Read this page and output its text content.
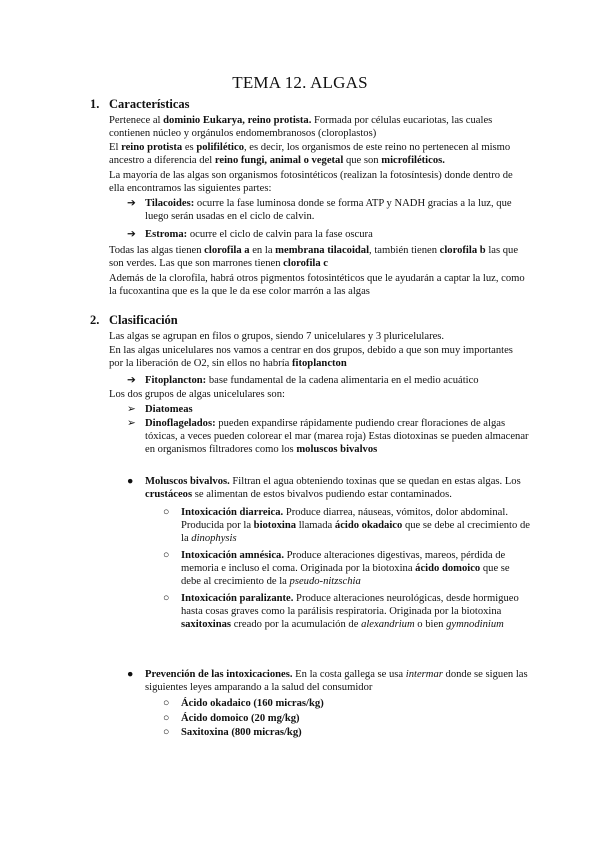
TEMA 12. ALGAS
1. Características
Pertenece al dominio Eukarya, reino protista. Formada por células eucariotas, las cuales contienen núcleo y orgánulos endomembranosos (cloroplastos)
El reino protista es polifilético, es decir, los organismos de este reino no pertenecen al mismo ancestro a diferencia del reino fungi, animal o vegetal que son microfiléticos.
La mayoría de las algas son organismos fotosintéticos (realizan la fotosíntesis) donde dentro de ella encontramos las siguientes partes:
➔ Tilacoides: ocurre la fase luminosa donde se forma ATP y NADH gracias a la luz, que luego serán usadas en el ciclo de calvin.
➔ Estroma: ocurre el ciclo de calvin para la fase oscura
Todas las algas tienen clorofila a en la membrana tilacoidal, también tienen clorofila b las que son verdes. Las que son marrones tienen clorofila c
Además de la clorofila, habrá otros pigmentos fotosintéticos que le ayudarán a captar la luz, como la fucoxantina que es la que le da ese color marrón a las algas
2. Clasificación
Las algas se agrupan en filos o grupos, siendo 7 unicelulares y 3 pluricelulares.
En las algas unicelulares nos vamos a centrar en dos grupos, debido a que son muy importantes por la liberación de O2, sin ellos no habría fitoplancton
➔ Fitoplancton: base fundamental de la cadena alimentaria en el medio acuático
Los dos grupos de algas unicelulares son:
➢ Diatomeas
➢ Dinoflagelados: pueden expandirse rápidamente pudiendo crear floraciones de algas tóxicas, a veces pueden colorear el mar (marea roja) Estas diotoxinas se pueden almacenar en organismos filtradores como los moluscos bivalvos
● Moluscos bivalvos. Filtran el agua obteniendo toxinas que se quedan en estas algas. Los crustáceos se alimentan de estos bivalvos pudiendo estar contaminados.
○ Intoxicación diarreica. Produce diarrea, náuseas, vómitos, dolor abdominal. Producida por la biotoxina llamada ácido okadaico que se debe al crecimiento de la dinophysis
○ Intoxicación amnésica. Produce alteraciones digestivas, mareos, pérdida de memoria e incluso el coma. Originada por la biotoxina ácido domoico que se debe al crecimiento de la pseudo-nitzschia
○ Intoxicación paralizante. Produce alteraciones neurológicas, desde hormigueo hasta cosas graves como la parálisis respiratoria. Originada por la biotoxina saxitoxinas creado por la acumulación de alexandrium o bien gymnodinium
● Prevención de las intoxicaciones. En la costa gallega se usa intermar donde se siguen las siguientes leyes amparando a la salud del consumidor
○ Ácido okadaico (160 micras/kg)
○ Ácido domoico (20 mg/kg)
○ Saxitoxina (800 micras/kg)
